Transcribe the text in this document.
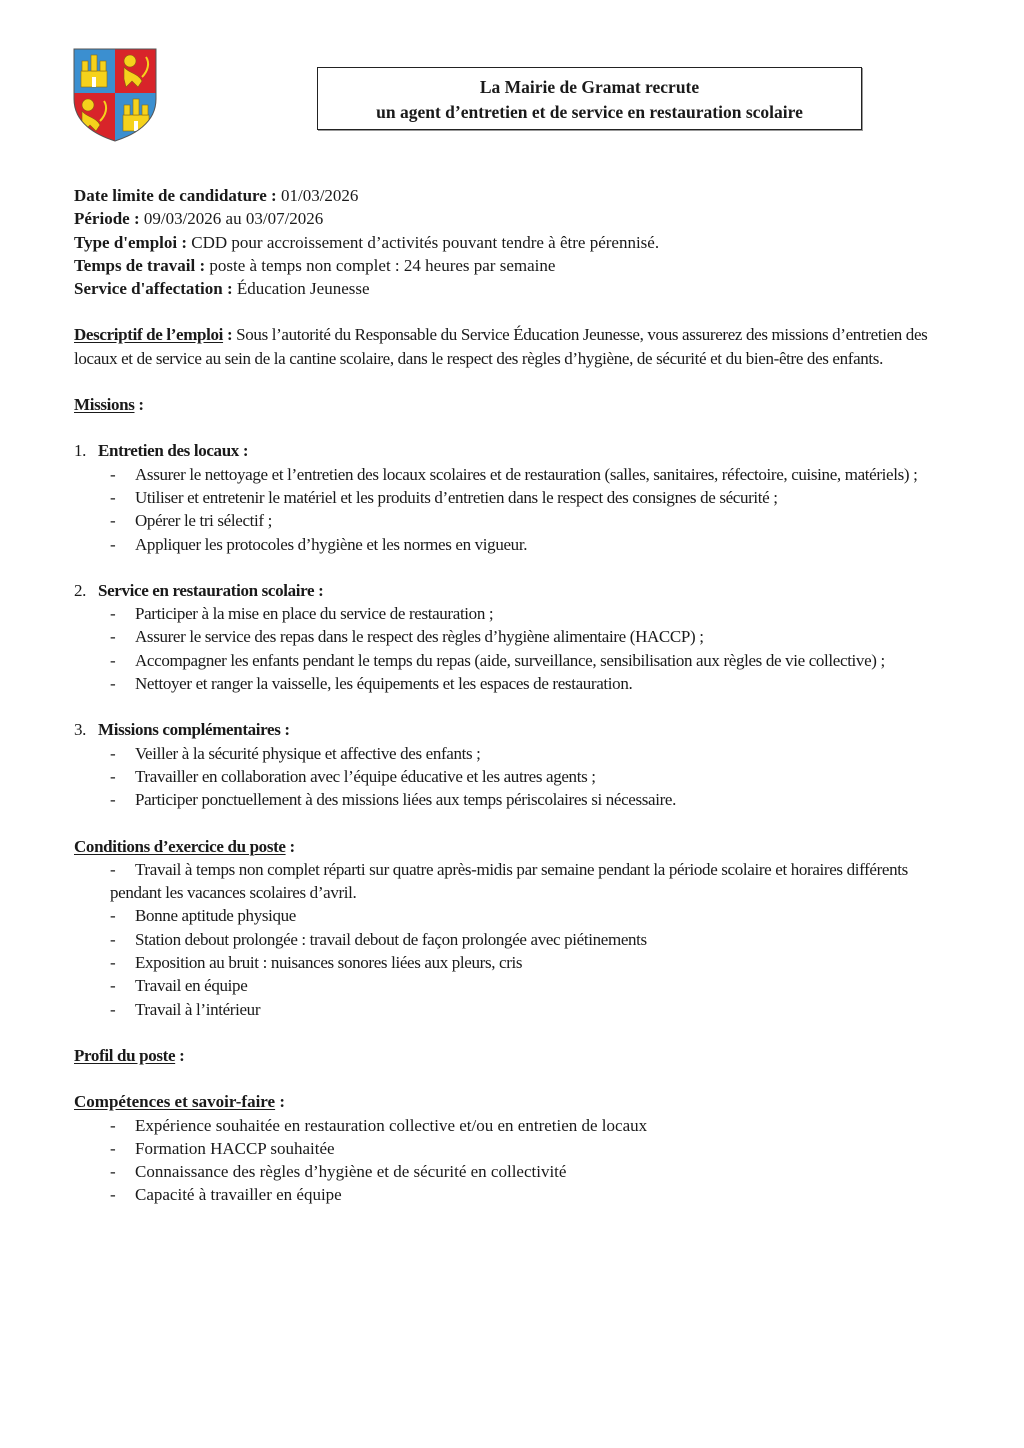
La Mairie de Gramat recrute
un agent d’entretien et de service en restauration scolaire
Date limite de candidature : 01/03/2026
Période : 09/03/2026 au 03/07/2026
Type d'emploi : CDD pour accroissement d’activités pouvant tendre à être pérennisé.
Temps de travail : poste à temps non complet : 24 heures par semaine
Service d'affectation : Éducation Jeunesse
Descriptif de l’emploi : Sous l’autorité du Responsable du Service Éducation Jeunesse, vous assurerez des missions d’entretien des locaux et de service au sein de la cantine scolaire, dans le respect des règles d’hygiène, de sécurité et du bien-être des enfants.
Missions :
1. Entretien des locaux :
- Assurer le nettoyage et l’entretien des locaux scolaires et de restauration (salles, sanitaires, réfectoire, cuisine, matériels) ;
- Utiliser et entretenir le matériel et les produits d’entretien dans le respect des consignes de sécurité ;
- Opérer le tri sélectif ;
- Appliquer les protocoles d’hygiène et les normes en vigueur.
2. Service en restauration scolaire :
- Participer à la mise en place du service de restauration ;
- Assurer le service des repas dans le respect des règles d’hygiène alimentaire (HACCP) ;
- Accompagner les enfants pendant le temps du repas (aide, surveillance, sensibilisation aux règles de vie collective) ;
- Nettoyer et ranger la vaisselle, les équipements et les espaces de restauration.
3. Missions complémentaires :
- Veiller à la sécurité physique et affective des enfants ;
- Travailler en collaboration avec l’équipe éducative et les autres agents ;
- Participer ponctuellement à des missions liées aux temps périscolaires si nécessaire.
Conditions d’exercice du poste :
- Travail à temps non complet réparti sur quatre après-midis par semaine pendant la période scolaire et horaires différents pendant les vacances scolaires d’avril.
- Bonne aptitude physique
- Station debout prolongée : travail debout de façon prolongée avec piétinements
- Exposition au bruit : nuisances sonores liées aux pleurs, cris
- Travail en équipe
- Travail à l’intérieur
Profil du poste :
Compétences et savoir-faire :
- Expérience souhaitée en restauration collective et/ou en entretien de locaux
- Formation HACCP souhaitée
- Connaissance des règles d’hygiène et de sécurité en collectivité
- Capacité à travailler en équipe
